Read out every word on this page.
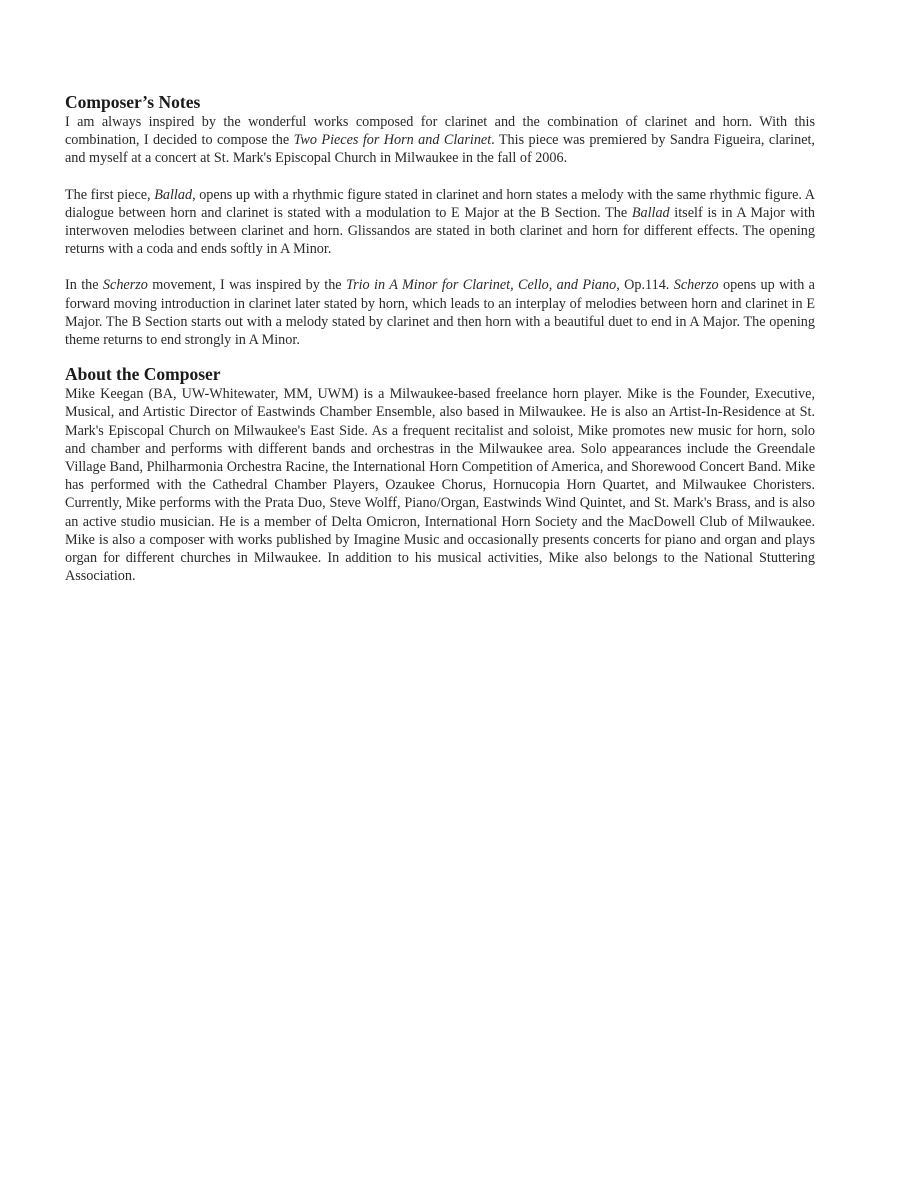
Composer’s Notes

I am always inspired by the wonderful works composed for clarinet and the combination of clarinet and horn. With this combination, I decided to compose the Two Pieces for Horn and Clarinet. This piece was premiered by Sandra Figueira, clarinet, and myself at a concert at St. Mark's Episcopal Church in Milwaukee in the fall of 2006.

The first piece, Ballad, opens up with a rhythmic figure stated in clarinet and horn states a melody with the same rhythmic figure. A dialogue between horn and clarinet is stated with a modulation to E Major at the B Section. The Ballad itself is in A Major with interwoven melodies between clarinet and horn. Glissandos are stated in both clarinet and horn for different effects. The opening returns with a coda and ends softly in A Minor.

In the Scherzo movement, I was inspired by the Trio in A Minor for Clarinet, Cello, and Piano, Op.114. Scherzo opens up with a forward moving introduction in clarinet later stated by horn, which leads to an interplay of melodies between horn and clarinet in E Major. The B Section starts out with a melody stated by clarinet and then horn with a beautiful duet to end in A Major. The opening theme returns to end strongly in A Minor.

About the Composer

Mike Keegan (BA, UW-Whitewater, MM, UWM) is a Milwaukee-based freelance horn player. Mike is the Founder, Executive, Musical, and Artistic Director of Eastwinds Chamber Ensemble, also based in Milwaukee. He is also an Artist-In-Residence at St. Mark's Episcopal Church on Milwaukee's East Side. As a frequent recitalist and soloist, Mike promotes new music for horn, solo and chamber and performs with different bands and orchestras in the Milwaukee area. Solo appearances include the Greendale Village Band, Philharmonia Orchestra Racine, the International Horn Competition of America, and Shorewood Concert Band. Mike has performed with the Cathedral Chamber Players, Ozaukee Chorus, Hornucopia Horn Quartet, and Milwaukee Choristers. Currently, Mike performs with the Prata Duo, Steve Wolff, Piano/Organ, Eastwinds Wind Quintet, and St. Mark's Brass, and is also an active studio musician. He is a member of Delta Omicron, International Horn Society and the MacDowell Club of Milwaukee. Mike is also a composer with works published by Imagine Music and occasionally presents concerts for piano and organ and plays organ for different churches in Milwaukee. In addition to his musical activities, Mike also belongs to the National Stuttering Association.
